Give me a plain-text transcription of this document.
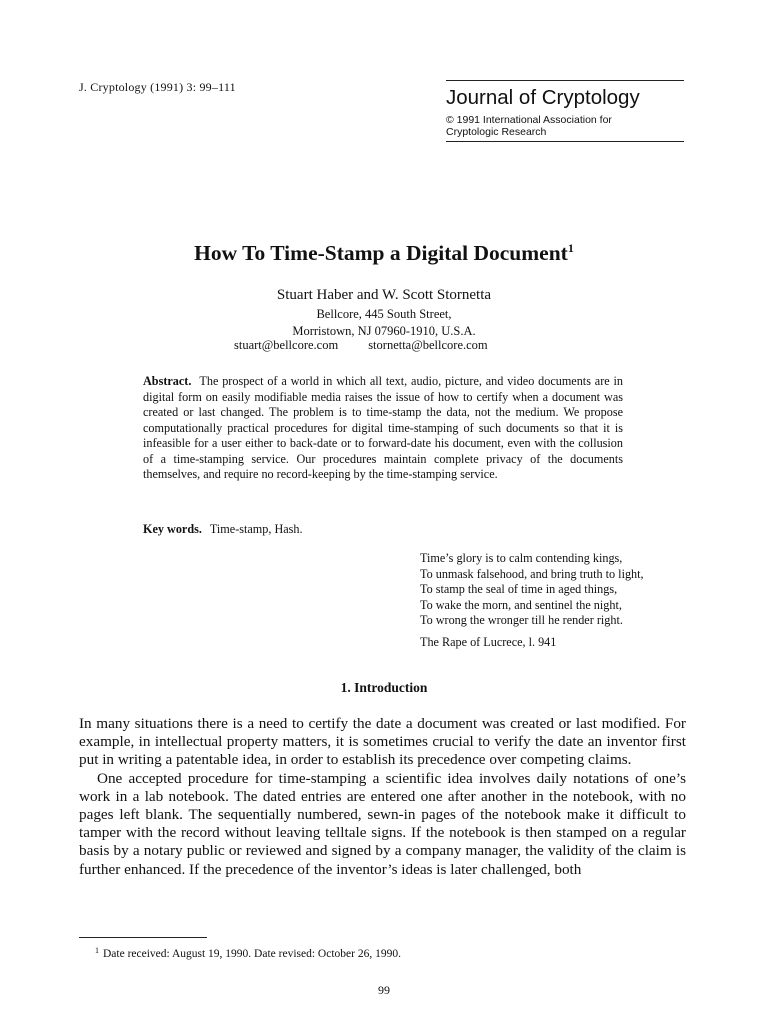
J. Cryptology (1991) 3: 99–111	Journal of Cryptology
© 1991 International Association for
Cryptologic Research
How To Time-Stamp a Digital Document$^1$
Stuart Haber and W. Scott Stornetta
Bellcore, 445 South Street,
Morristown, NJ 07960-1910, U.S.A.
stuart@bellcore.com stornetta@bellcore.com
Abstract. The prospect of a world in which all text, audio, picture, and video documents are in digital form on easily modifiable media raises the issue of how to certify when a document was created or last changed. The problem is to time-stamp the data, not the medium. We propose computationally practical procedures for digital time-stamping of such documents so that it is infeasible for a user either to back-date or to forward-date his document, even with the collusion of a time-stamping service. Our procedures maintain complete privacy of the documents themselves, and require no record-keeping by the time-stamping service.
Key words. Time-stamp, Hash.
Time’s glory is to calm contending kings,
To unmask falsehood, and bring truth to light,
To stamp the seal of time in aged things,
To wake the morn, and sentinel the night,
To wrong the wronger till he render right.
The Rape of Lucrece, l. 941
1. Introduction

In many situations there is a need to certify the date a document was created or last modified. For example, in intellectual property matters, it is sometimes crucial to verify the date an inventor first put in writing a patentable idea, in order to establish its precedence over competing claims.

One accepted procedure for time-stamping a scientific idea involves daily notations of one’s work in a lab notebook. The dated entries are entered one after another in the notebook, with no pages left blank. The sequentially numbered, sewn-in pages of the notebook make it difficult to tamper with the record without leaving telltale signs. If the notebook is then stamped on a regular basis by a notary public or reviewed and signed by a company manager, the validity of the claim is further enhanced. If the precedence of the inventor’s ideas is later challenged, both

$^1$ Date received: August 19, 1990. Date revised: October 26, 1990.
99
